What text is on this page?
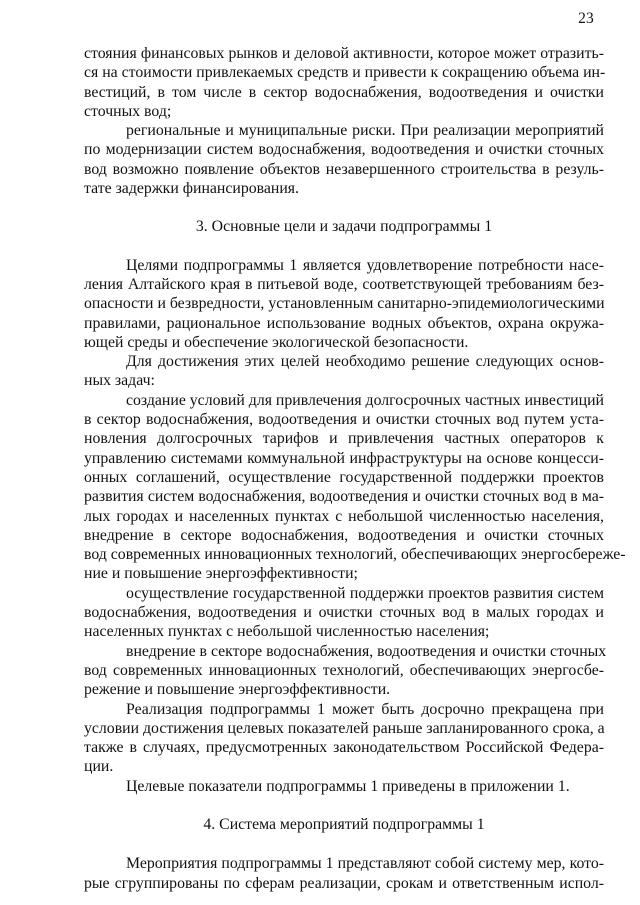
23
стояния финансовых рынков и деловой активности, которое может отразить-
ся на стоимости привлекаемых средств и привести к сокращению объема ин-
вестиций, в том числе в сектор водоснабжения, водоотведения и очистки
сточных вод;
региональные и муниципальные риски. При реализации мероприятий
по модернизации систем водоснабжения, водоотведения и очистки сточных
вод возможно появление объектов незавершенного строительства в резуль-
тате задержки финансирования.
3. Основные цели и задачи подпрограммы 1
Целями подпрограммы 1 является удовлетворение потребности насе-
ления Алтайского края в питьевой воде, соответствующей требованиям без-
опасности и безвредности, установленным санитарно-эпидемиологическими
правилами, рациональное использование водных объектов, охрана окружа-
ющей среды и обеспечение экологической безопасности.
Для достижения этих целей необходимо решение следующих основ-
ных задач:
создание условий для привлечения долгосрочных частных инвестиций
в сектор водоснабжения, водоотведения и очистки сточных вод путем уста-
новления долгосрочных тарифов и привлечения частных операторов к
управлению системами коммунальной инфраструктуры на основе концесси-
онных соглашений, осуществление государственной поддержки проектов
развития систем водоснабжения, водоотведения и очистки сточных вод в ма-
лых городах и населенных пунктах с небольшой численностью населения,
внедрение в секторе водоснабжения, водоотведения и очистки сточных
вод современных инновационных технологий, обеспечивающих энергосбереже-
ние и повышение энергоэффективности;
осуществление государственной поддержки проектов развития систем
водоснабжения, водоотведения и очистки сточных вод в малых городах и
населенных пунктах с небольшой численностью населения;
внедрение в секторе водоснабжения, водоотведения и очистки сточных
вод современных инновационных технологий, обеспечивающих энергосбе-
режение и повышение энергоэффективности.
Реализация подпрограммы 1 может быть досрочно прекращена при
условии достижения целевых показателей раньше запланированного срока, а
также в случаях, предусмотренных законодательством Российской Федера-
ции.
Целевые показатели подпрограммы 1 приведены в приложении 1.
4. Система мероприятий подпрограммы 1
Мероприятия подпрограммы 1 представляют собой систему мер, кото-
рые сгруппированы по сферам реализации, срокам и ответственным испол-
